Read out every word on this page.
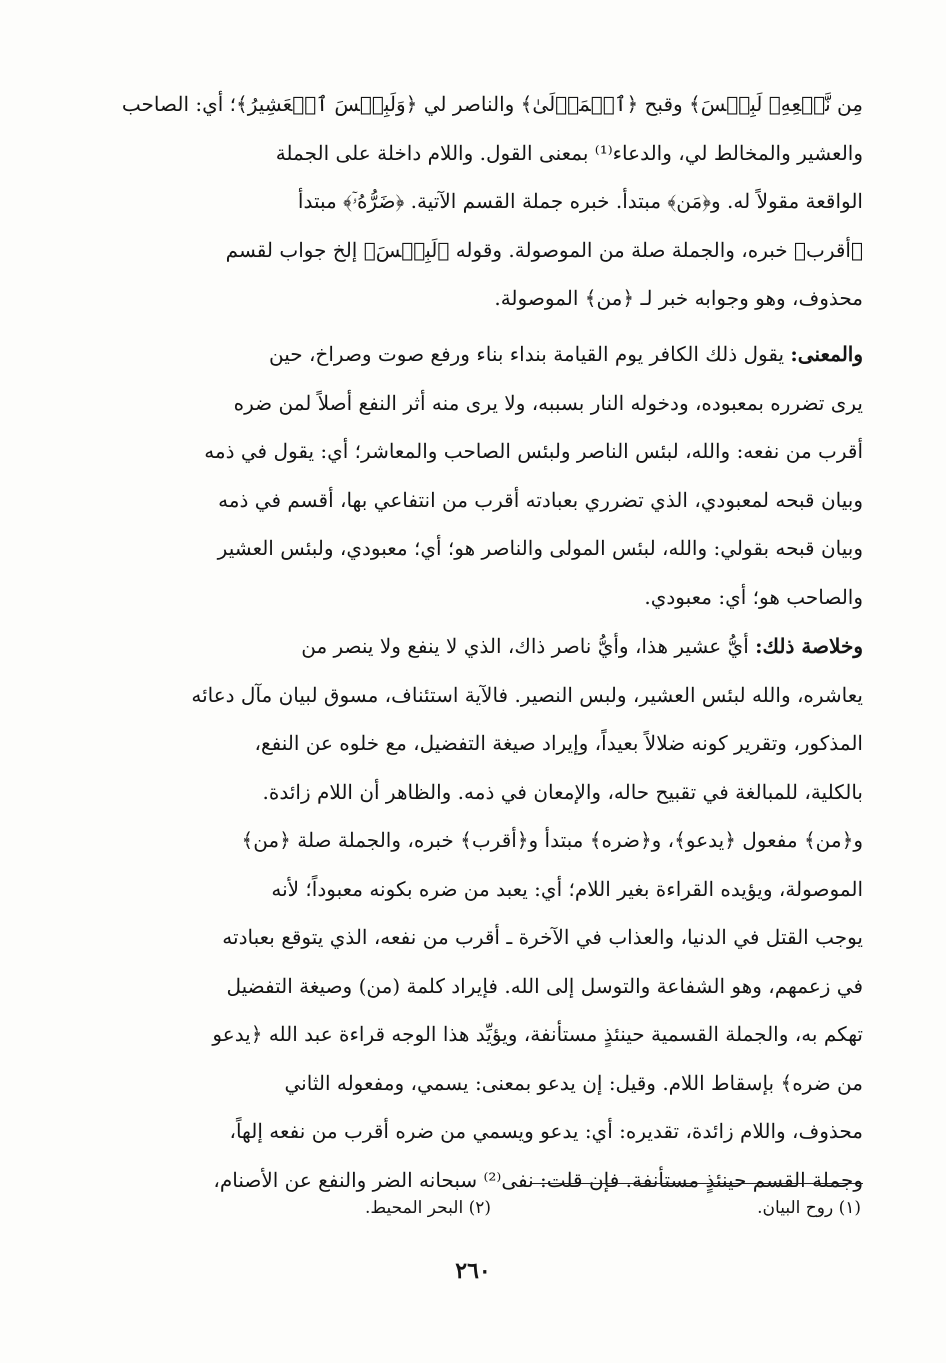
مِن نَّفۡعِهِۦ لَبِئۡسَ﴾ وقبح ﴿ٱلۡمَوۡلَىٰ﴾ والناصر لي ﴿وَلَبِئۡسَ ٱلۡعَشِيرُ﴾؛ أي: الصاحب
والعشير والمخالط لي، والدعاء⁽¹⁾ بمعنى القول. واللام داخلة على الجملة
الواقعة مقولاً له. و﴿مَن﴾ مبتدأ. خبره جملة القسم الآتية. ﴿ضَرُّهُۥٓ﴾ مبتدأ
﴿أقرب﴾ خبره، والجملة صلة من الموصولة. وقوله ﴿لَبِئۡسَ﴾ إلخ جواب لقسم
محذوف، وهو وجوابه خبر لـ ﴿من﴾ الموصولة.
والمعنى: يقول ذلك الكافر يوم القيامة بنداء بناء ورفع صوت وصراخ، حين
يرى تضرره بمعبوده، ودخوله النار بسببه، ولا يرى منه أثر النفع أصلاً لمن ضره
أقرب من نفعه: والله، لبئس الناصر ولبئس الصاحب والمعاشر؛ أي: يقول في ذمه
وبيان قبحه لمعبودي، الذي تضرري بعبادته أقرب من انتفاعي بها، أقسم في ذمه
وبيان قبحه بقولي: والله، لبئس المولى والناصر هو؛ أي؛ معبودي، ولبئس العشير
والصاحب هو؛ أي: معبودي.
وخلاصة ذلك: أيُّ عشير هذا، وأيُّ ناصر ذاك، الذي لا ينفع ولا ينصر من
يعاشره، والله لبئس العشير، ولبس النصير. فالآية استئناف، مسوق لبيان مآل دعائه
المذكور، وتقرير كونه ضلالاً بعيداً، وإيراد صيغة التفضيل، مع خلوه عن النفع،
بالكلية، للمبالغة في تقبيح حاله، والإمعان في ذمه. والظاهر أن اللام زائدة.
و﴿من﴾ مفعول ﴿يدعو﴾، و﴿ضره﴾ مبتدأ و﴿أقرب﴾ خبره، والجملة صلة ﴿من﴾
الموصولة، ويؤيده القراءة بغير اللام؛ أي: يعبد من ضره بكونه معبوداً؛ لأنه
يوجب القتل في الدنيا، والعذاب في الآخرة ـ أقرب من نفعه، الذي يتوقع بعبادته
في زعمهم، وهو الشفاعة والتوسل إلى الله. فإيراد كلمة (من) وصيغة التفضيل
تهكم به، والجملة القسمية حينئذٍ مستأنفة، ويؤيِّد هذا الوجه قراءة عبد الله ﴿يدعو
من ضره﴾ بإسقاط اللام. وقيل: إن يدعو بمعنى: يسمي، ومفعوله الثاني
محذوف، واللام زائدة، تقديره: أي: يدعو ويسمي من ضره أقرب من نفعه إلهاً،
وجملة القسم حينئذٍ مستأنفة. فإن قلت: نفى⁽²⁾ سبحانه الضر والنفع عن الأصنام،
(١) روح البيان.
(٢) البحر المحيط.
٢٦٠
